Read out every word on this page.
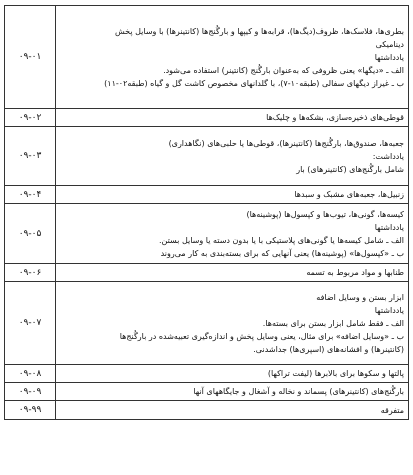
بطری‌ها، فلاسک‌ها، ظروف(دیگ‌ها)، قرابه‌ها و کیپها و بارگُنج‌ها (کانتینرها) با وسایل پخش
دینامیکی
یادداشتها
الف ـ «دیگها» یعنی ظروفی که به‌عنوان بارگُنج (کانتینر) استفاده می‌شود.
ب ـ غیراز دیگهای سفالی (طبقه۱۰-۷)، با گلدانهای مخصوص کاشت گل و گیاه (طبقه۰۲-۱۱)	۰۹-۰۱

قوطی‌های ذخیره‌سازی، بشکه‌ها و چلیک‌ها	۰۹-۰۲

جعبه‌ها، صندوق‌ها، بارگُنج‌ها (کانتینرها)، قوطی‌ها یا حلبی‌های (نگاهداری)
یادداشت:
شامل بارگُنج‌های (کانتینرهای) بار	۰۹-۰۳

زنبیل‌ها، جعبه‌های مشبک و سبدها	۰۹-۰۴

کیسه‌ها، گونی‌ها، تیوب‌ها و کپسول‌ها (پوشینه‌ها)
یادداشتها
الف ـ شامل کیسه‌ها یا گونی‌های پلاستیکی با یا بدون دسته یا وسایل بستن.
ب ـ «کپسول‌ها» (پوشینه‌ها) یعنی آنهایی که برای بسته‌بندی به کار می‌روند	۰۹-۰۵

طنابها و مواد مربوط به تسمه	۰۹-۰۶

ابزار بستن و وسایل اضافه
یادداشتها
الف ـ فقط شامل ابزار بستن برای بسته‌ها.
ب ـ «وسایل اضافه» برای مثال، یعنی وسایل پخش و اندازه‌گیری تعبیه‌شده در بارگُنج‌ها
(کانتینرها) و افشانه‌های (اسپری‌ها) جداشدنی.	۰۹-۰۷

پالتها و سکوها برای بالابرها (لیفت تراکها)	۰۹-۰۸

بارگُنج‌های (کانتینرهای) پسماند و نخاله و آشغال و جایگاههای آنها	۰۹-۰۹

متفرقه	۰۹-۹۹
